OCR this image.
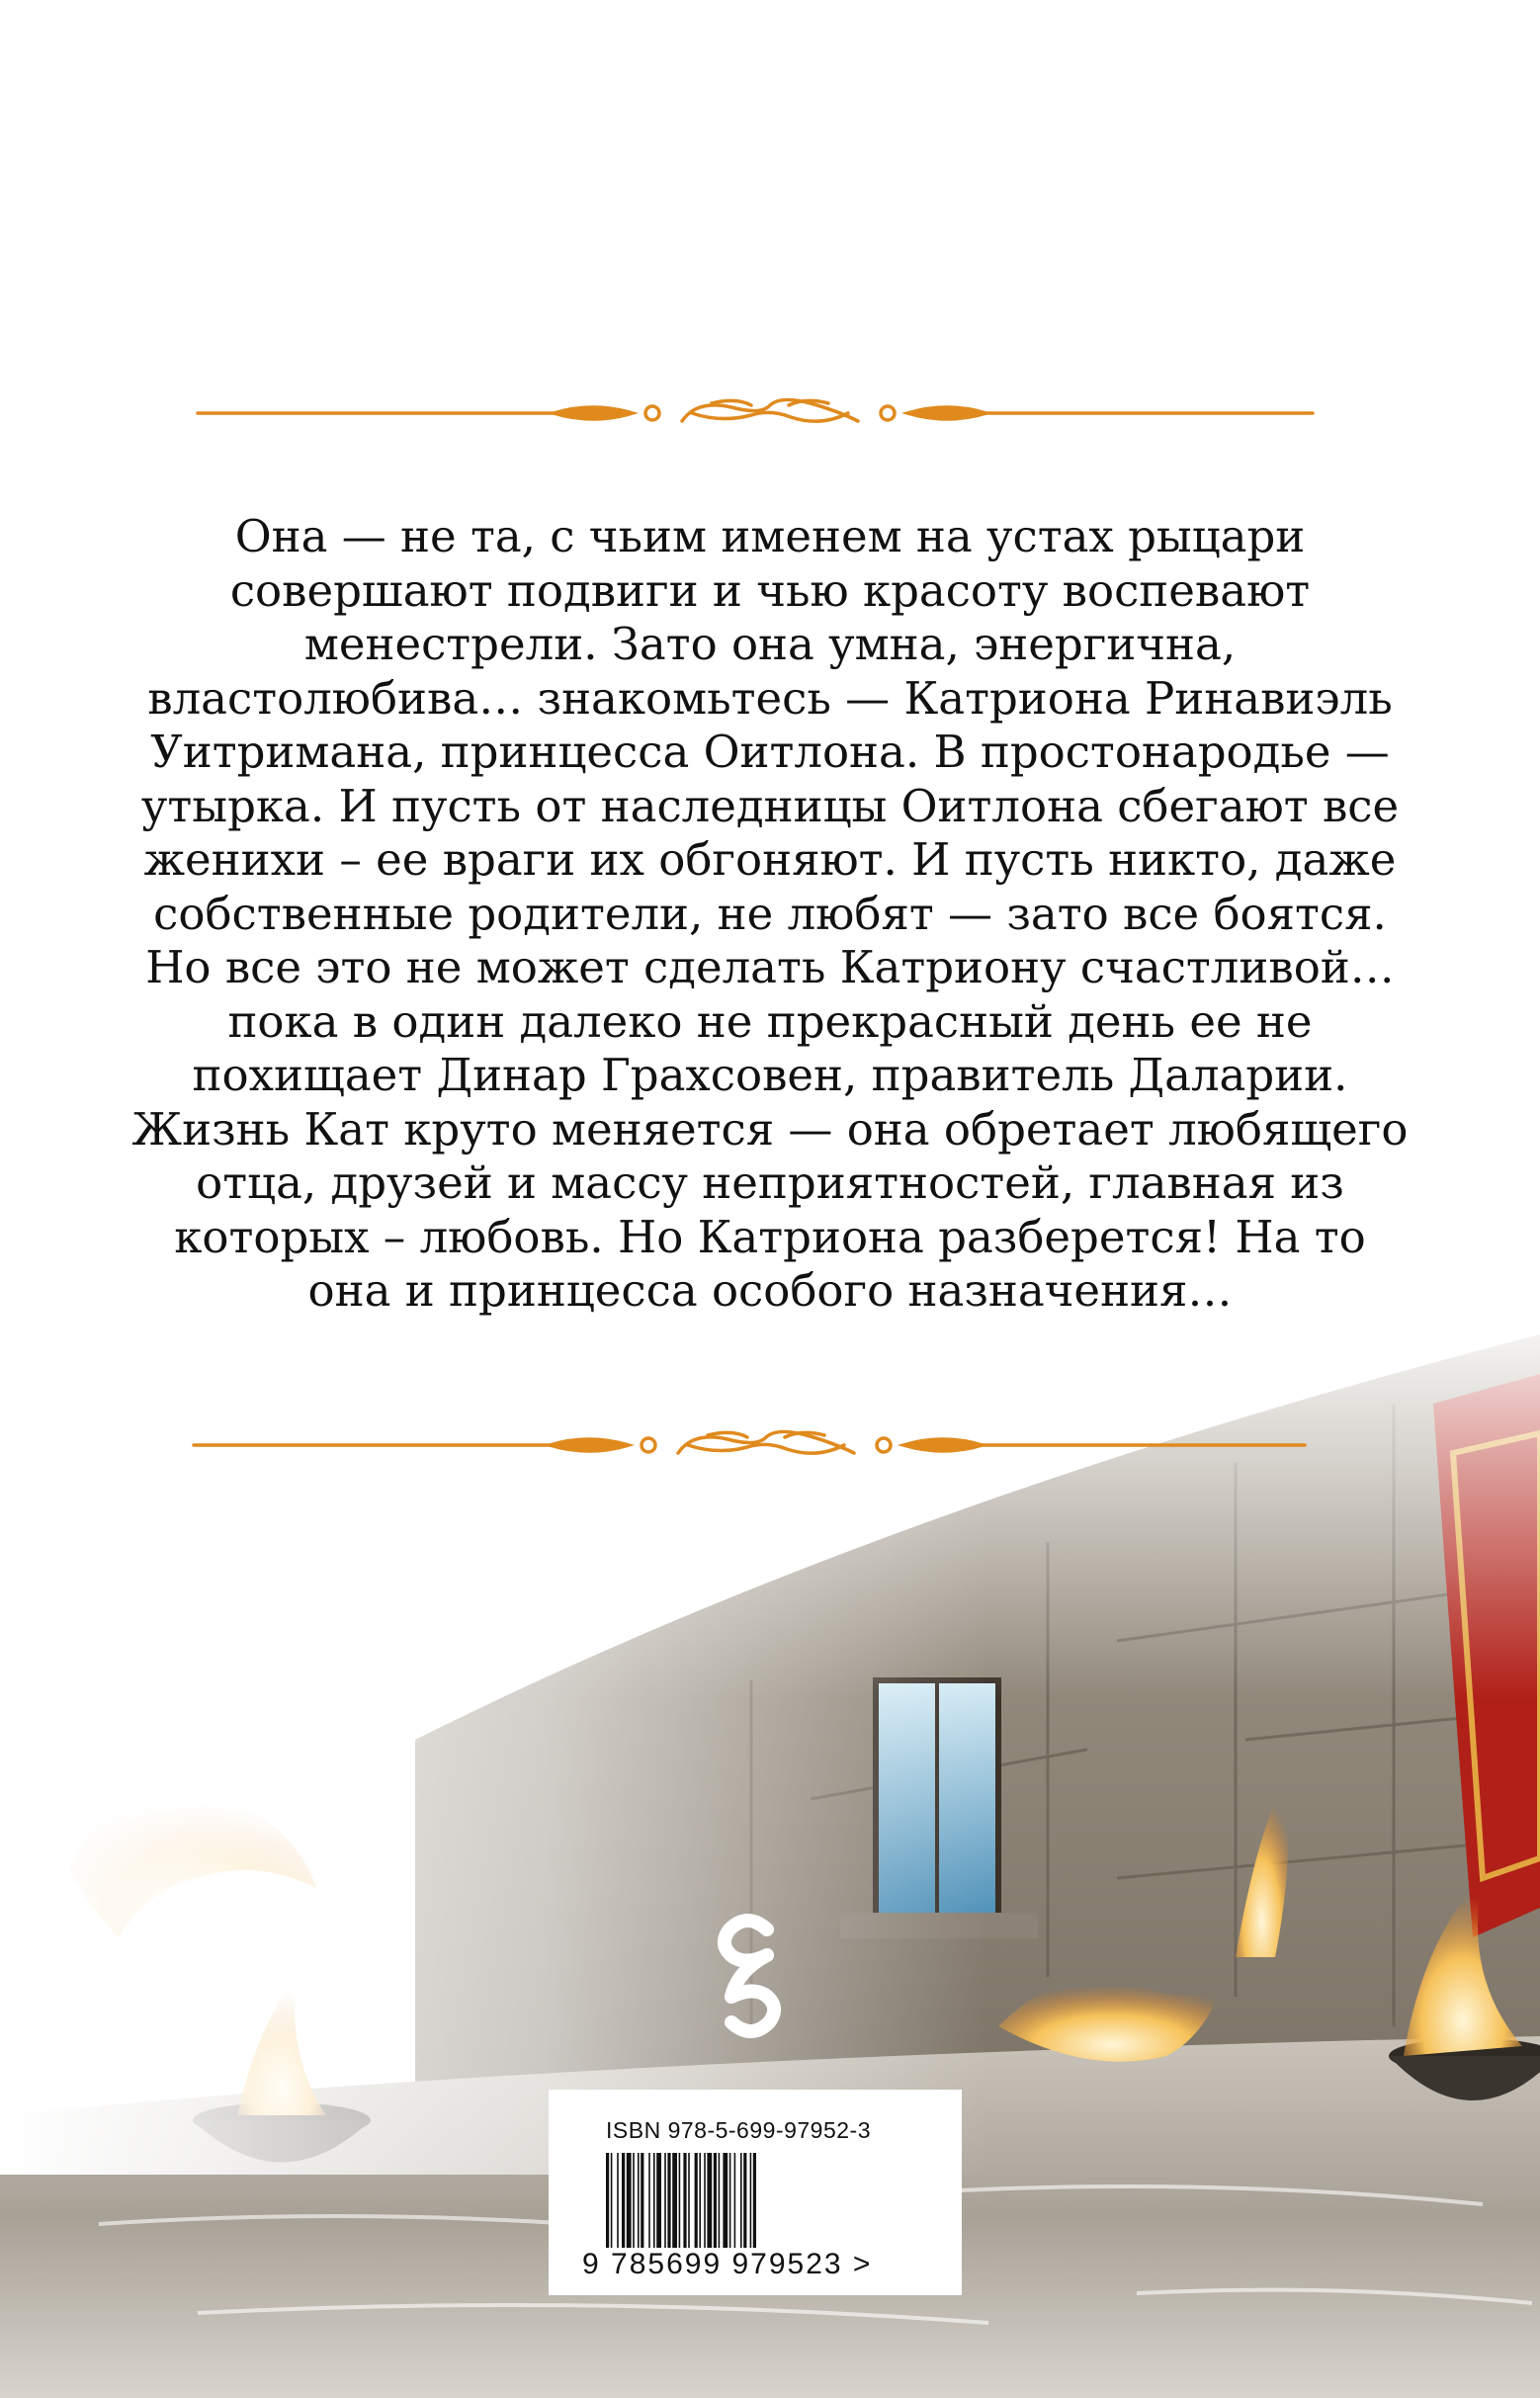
Она — не та, с чьим именем на устах рыцари
совершают подвиги и чью красоту воспевают
менестрели. Зато она умна, энергична,
властолюбива… знакомьтесь — Катриона Ринавиэль
Уитримана, принцесса Оитлона. В простонародье —
утырка. И пусть от наследницы Оитлона сбегают все
женихи – ее враги их обгоняют. И пусть никто, даже
собственные родители, не любят — зато все боятся.
Но все это не может сделать Катриону счастливой…
пока в один далеко не прекрасный день ее не
похищает Динар Грахсовен, правитель Даларии.
Жизнь Кат круто меняется — она обретает любящего
отца, друзей и массу неприятностей, главная из
которых – любовь. Но Катриона разберется! На то
она и принцесса особого назначения…
ISBN 978-5-699-97952-3
9 785699 979523 >
